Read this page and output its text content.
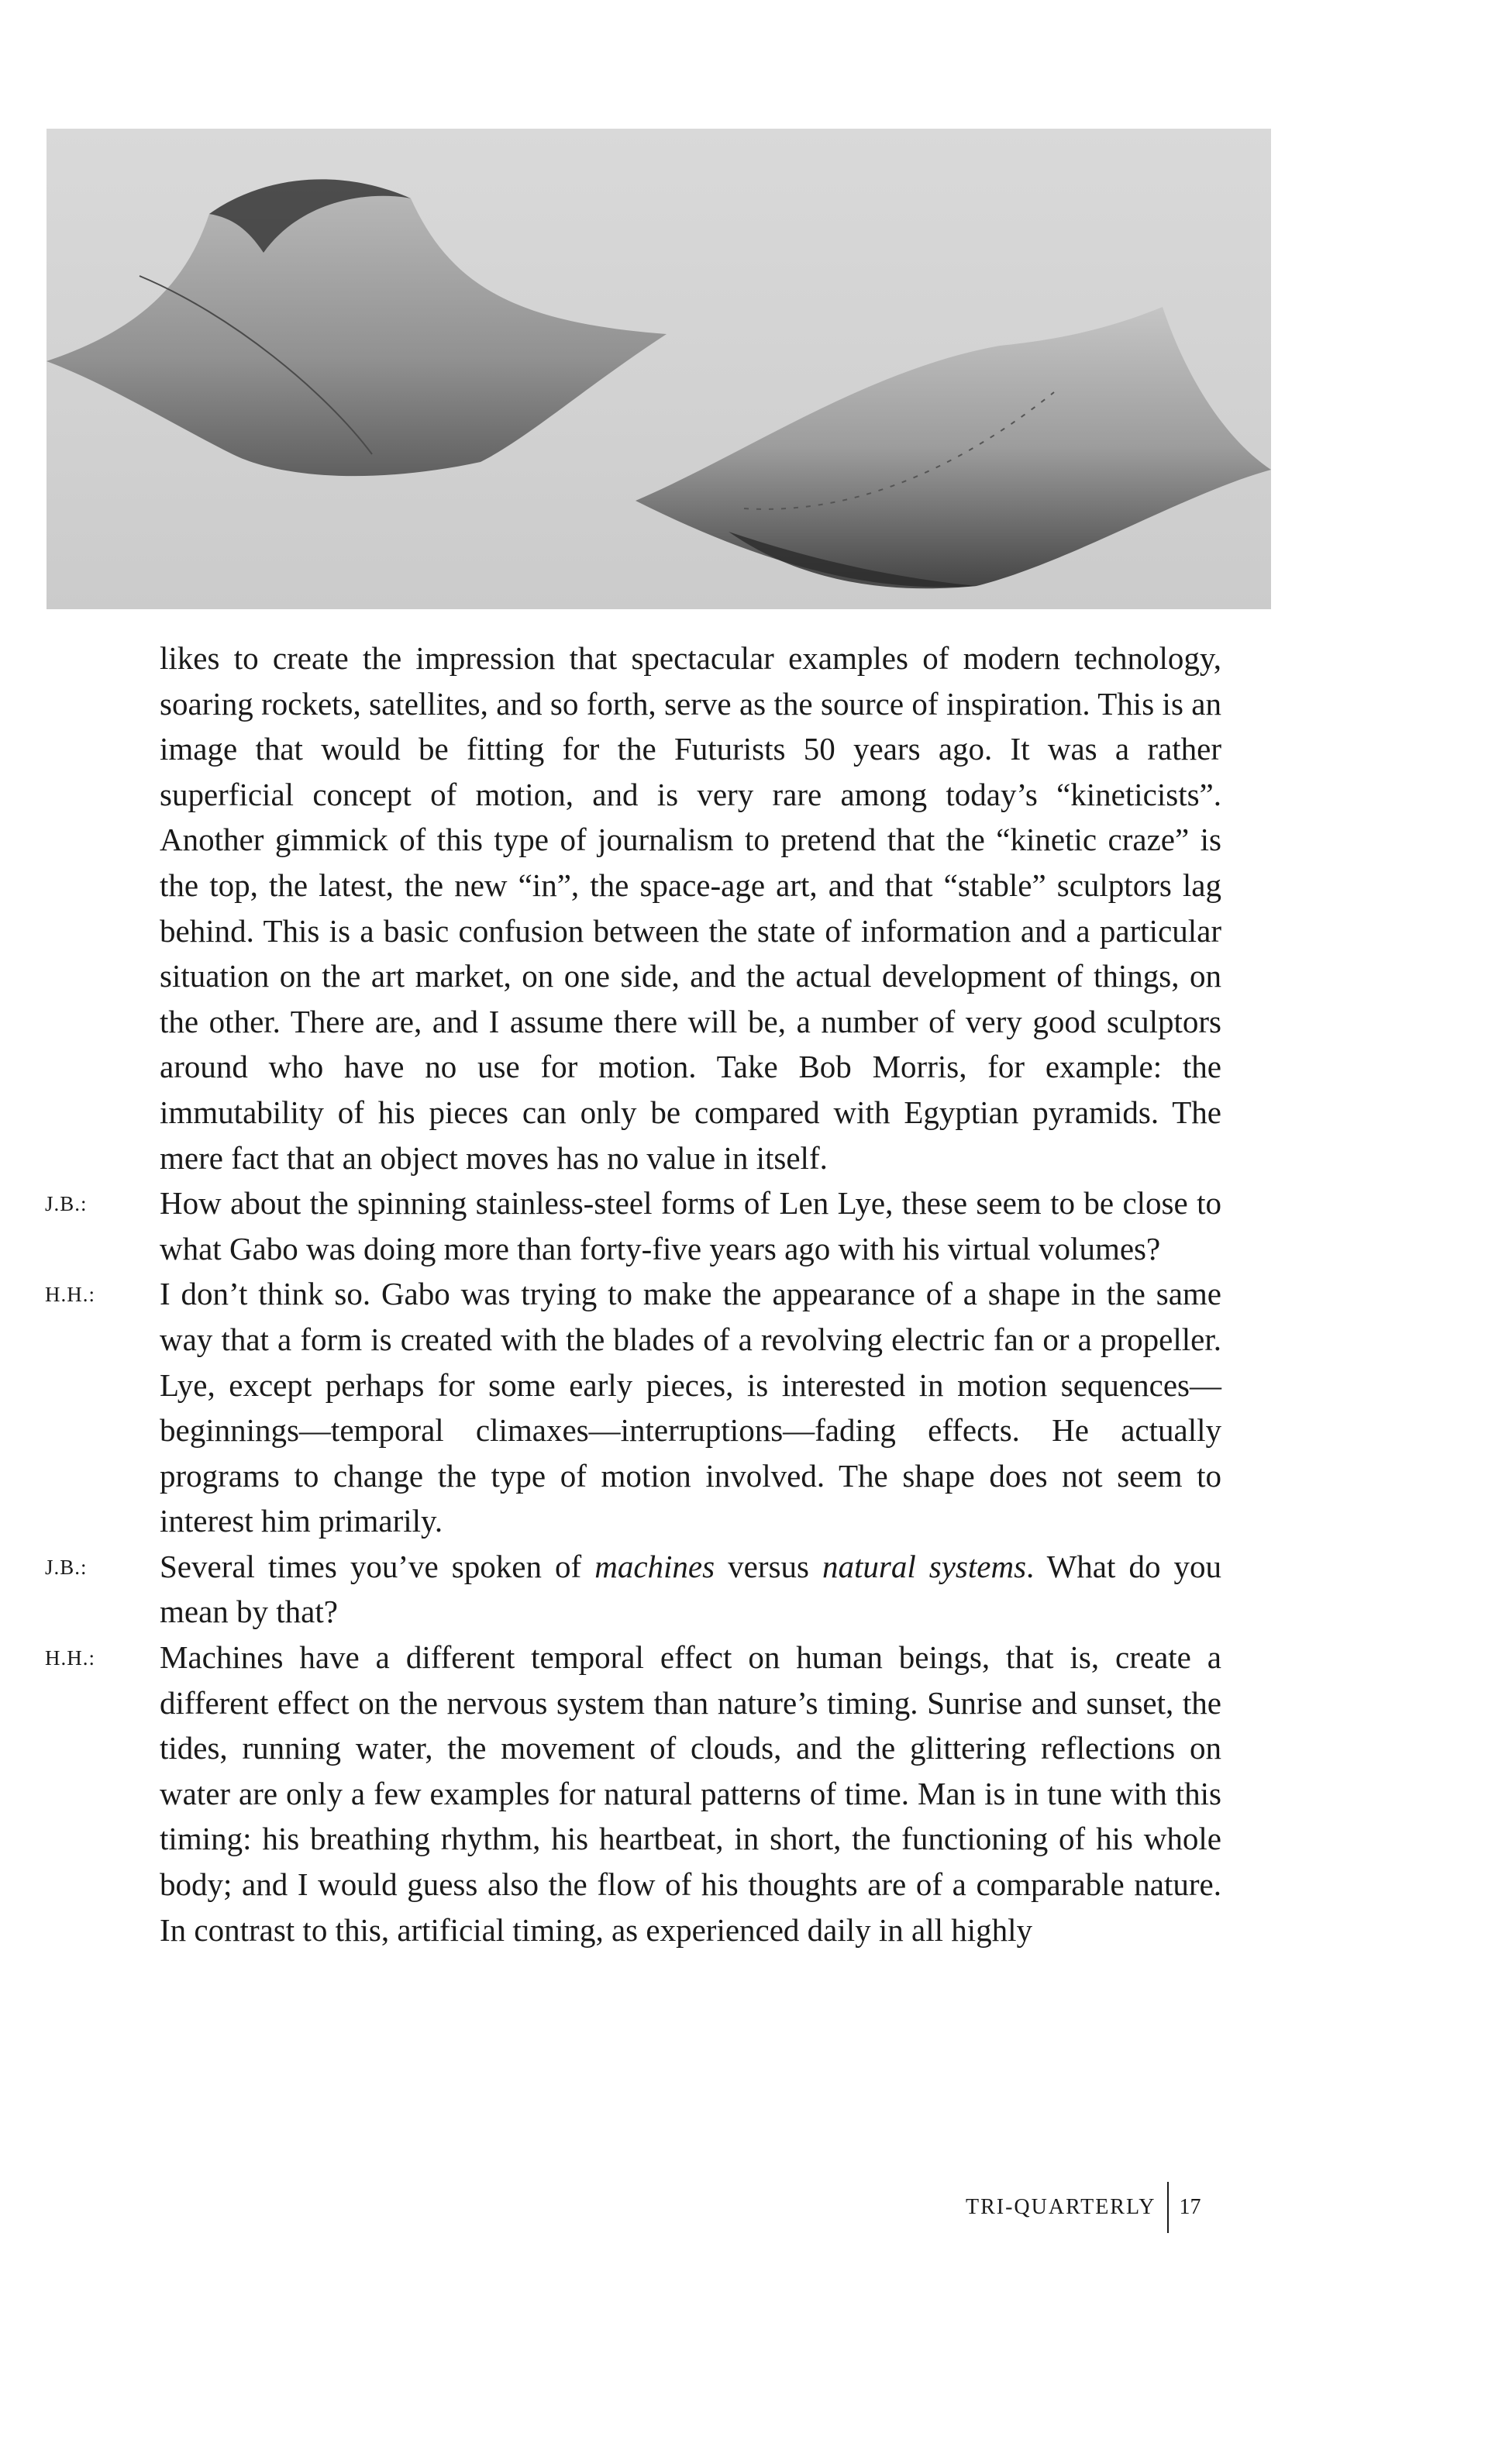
likes to create the impression that spectacular examples of modern technology, soaring rockets, satellites, and so forth, serve as the source of inspiration. This is an image that would be fitting for the Futurists 50 years ago. It was a rather superficial concept of motion, and is very rare among today’s “kineticists”. Another gimmick of this type of journalism to pretend that the “kinetic craze” is the top, the latest, the new “in”, the space-age art, and that “stable” sculptors lag behind. This is a basic confusion between the state of information and a particular situation on the art market, on one side, and the actual development of things, on the other. There are, and I assume there will be, a number of very good sculptors around who have no use for motion. Take Bob Morris, for example: the immutability of his pieces can only be compared with Egyptian pyramids. The mere fact that an object moves has no value in itself.

J.B.: How about the spinning stainless-steel forms of Len Lye, these seem to be close to what Gabo was doing more than forty-five years ago with his virtual volumes?

H.H.: I don’t think so. Gabo was trying to make the appearance of a shape in the same way that a form is created with the blades of a revolving electric fan or a propeller. Lye, except perhaps for some early pieces, is interested in motion sequences—beginnings—temporal climaxes—interruptions—fading effects. He actually programs to change the type of motion involved. The shape does not seem to interest him primarily.

J.B.: Several times you’ve spoken of machines versus natural systems. What do you mean by that?

H.H.: Machines have a different temporal effect on human beings, that is, create a different effect on the nervous system than nature’s timing. Sunrise and sunset, the tides, running water, the movement of clouds, and the glittering reflections on water are only a few examples for natural patterns of time. Man is in tune with this timing: his breathing rhythm, his heartbeat, in short, the functioning of his whole body; and I would guess also the flow of his thoughts are of a comparable nature. In contrast to this, artificial timing, as experienced daily in all highly

TRI-QUARTERLY	17
